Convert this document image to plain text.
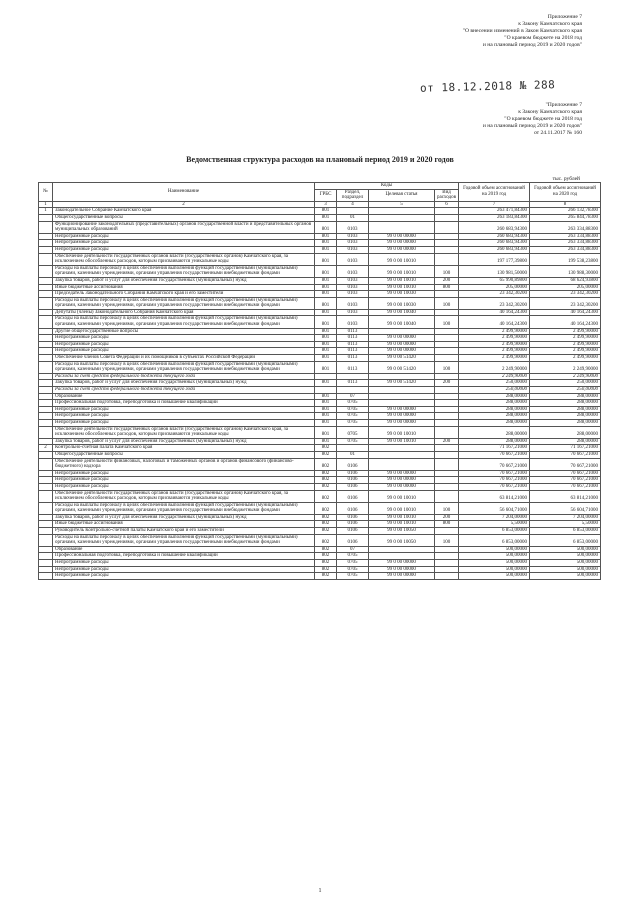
Приложение 7
к Закону Камчатского края
"О внесении изменений в Закон Камчатского края
"О краевом бюджете на 2018 год
и на плановый период 2019 и 2020 годов"
от 18.12.2018 № 288
"Приложение 7
к Закону Камчатского края
"О краевом бюджете на 2018 год
и на плановый период 2019 и 2020 годов"
от 24.11.2017 № 160
Ведомственная структура расходов на плановый период 2019 и 2020 годов
тыс. рублей
№	Наименование	Коды				Годовой объем ассигнований на 2019 год	Годовой объем ассигнований на 2020 год
		ГРБС	Раздел, подраздел	Целевая статья	Вид расходов		
1	2	3	4	5	6	7	8
1	Законодательное Собрание Камчатского края	801				263 471,84300	266 132,78300
	Общегосударственные вопросы	801	01			263 183,84300	265 844,78300
	Функционирование законодательных (представительных) органов государственной власти и представительных органов муниципальных образований	801	0103			260 683,94300	263 334,88300
	Непрограммные расходы	801	0103	99 0 00 00000		260 683,94300	263 334,88300
	Непрограммные расходы	801	0103	99 0 00 00000		260 683,94300	263 334,88300
	Непрограммные расходы	801	0103	99 0 00 00000		260 683,94300	263 334,88300
	Обеспечение деятельности государственных органов власти (государственных органов) Камчатского края, за исключением обособленных расходов, которым присваиваются уникальные коды	801	0103	99 0 00 10010		197 177,39800	199 538,23800
	Расходы на выплаты персоналу в целях обеспечения выполнения функций государственными (муниципальными) органами, казенными учреждениями, органами управления государственными внебюджетными фондами	801	0103	99 0 00 10010	100	130 981,50000	130 988,30000
	Закупка товаров, работ и услуг для обеспечения государственных (муниципальных) нужд	801	0103	99 0 00 10010	200	65 990,89800	68 624,93800
	Иные бюджетные ассигнования	801	0103	99 0 00 10010	800	205,00000	205,00000
	Председатель Законодательного Собрания Камчатского края и его заместители	801	0103	99 0 00 10030		23 342,30200	23 342,30200
	Расходы на выплаты персоналу в целях обеспечения выполнения функций государственными (муниципальными) органами, казенными учреждениями, органами управления государственными внебюджетными фондами	801	0103	99 0 00 10030	100	23 342,30200	23 342,30200
	Депутаты (члены) Законодательного Собрания Камчатского края	801	0103	99 0 00 10040		40 164,24300	40 164,24300
	Расходы на выплаты персоналу в целях обеспечения выполнения функций государственными (муниципальными) органами, казенными учреждениями, органами управления государственными внебюджетными фондами	801	0103	99 0 00 10040	100	40 164,24300	40 164,24300
	Другие общегосударственные вопросы	801	0113			2 499,90000	2 499,90000
	Непрограммные расходы	801	0113	99 0 00 00000		2 499,90000	2 499,90000
	Непрограммные расходы	801	0113	99 0 00 00000		2 499,90000	2 499,90000
	Непрограммные расходы	801	0113	99 0 00 00000		2 499,90000	2 499,90000
	Обеспечение членов Совета Федерации и их помощников в субъектах Российской Федерации	801	0113	99 0 00 51420		2 499,90000	2 499,90000
	Расходы на выплаты персоналу в целях обеспечения выполнения функций государственными (муниципальными) органами, казенными учреждениями, органами управления государственными внебюджетными фондами	801	0113	99 0 00 51420	100	2 249,90000	2 249,90000
	Расходы за счет средств федерального бюджета текущего года					2 249,90000	2 249,90000
	Закупка товаров, работ и услуг для обеспечения государственных (муниципальных) нужд	801	0113	99 0 00 51420	200	250,00000	250,00000
	Расходы за счет средств федерального бюджета текущего года					250,00000	250,00000
	Образование	801	07			288,00000	288,00000
	Профессиональная подготовка, переподготовка и повышение квалификации	801	0705			288,00000	288,00000
	Непрограммные расходы	801	0705	99 0 00 00000		288,00000	288,00000
	Непрограммные расходы	801	0705	99 0 00 00000		288,00000	288,00000
	Непрограммные расходы	801	0705	99 0 00 00000		288,00000	288,00000
	Обеспечение деятельности государственных органов власти (государственных органов) Камчатского края, за исключением обособленных расходов, которым присваиваются уникальные коды	801	0705	99 0 00 10010		288,00000	288,00000
	Закупка товаров, работ и услуг для обеспечения государственных (муниципальных) нужд	801	0705	99 0 00 10010	200	288,00000	288,00000
2	Контрольно-счетная палата Камчатского края	802				71 167,21000	71 167,21000
	Общегосударственные вопросы	802	01			70 667,21000	70 667,21000
	Обеспечение деятельности финансовых, налоговых и таможенных органов и органов финансового (финансово-бюджетного) надзора	802	0106			70 667,21000	70 667,21000
	Непрограммные расходы	802	0106	99 0 00 00000		70 667,21000	70 667,21000
	Непрограммные расходы	802	0106	99 0 00 00000		70 667,21000	70 667,21000
	Непрограммные расходы	802	0106	99 0 00 00000		70 667,21000	70 667,21000
	Обеспечение деятельности государственных органов власти (государственных органов) Камчатского края, за исключением обособленных расходов, которым присваиваются уникальные коды	802	0106	99 0 00 10010		63 814,21000	63 814,21000
	Расходы на выплаты персоналу в целях обеспечения выполнения функций государственными (муниципальными) органами, казенными учреждениями, органами управления государственными внебюджетными фондами	802	0106	99 0 00 10010	100	56 604,71000	56 604,71000
	Закупка товаров, работ и услуг для обеспечения государственных (муниципальных) нужд	802	0106	99 0 00 10010	200	7 204,00000	7 204,00000
	Иные бюджетные ассигнования	802	0106	99 0 00 10010	800	5,50000	5,50000
	Руководитель Контрольно-счетной палаты Камчатского края и его заместители	802	0106	99 0 00 10050		6 853,00000	6 853,00000
	Расходы на выплаты персоналу в целях обеспечения выполнения функций государственными (муниципальными) органами, казенными учреждениями, органами управления государственными внебюджетными фондами	802	0106	99 0 00 10050	100	6 853,00000	6 853,00000
	Образование	802	07			500,00000	500,00000
	Профессиональная подготовка, переподготовка и повышение квалификации	802	0705			500,00000	500,00000
	Непрограммные расходы	802	0705	99 0 00 00000		500,00000	500,00000
	Непрограммные расходы	802	0705	99 0 00 00000		500,00000	500,00000
	Непрограммные расходы	802	0705	99 0 00 00000		500,00000	500,00000
1
